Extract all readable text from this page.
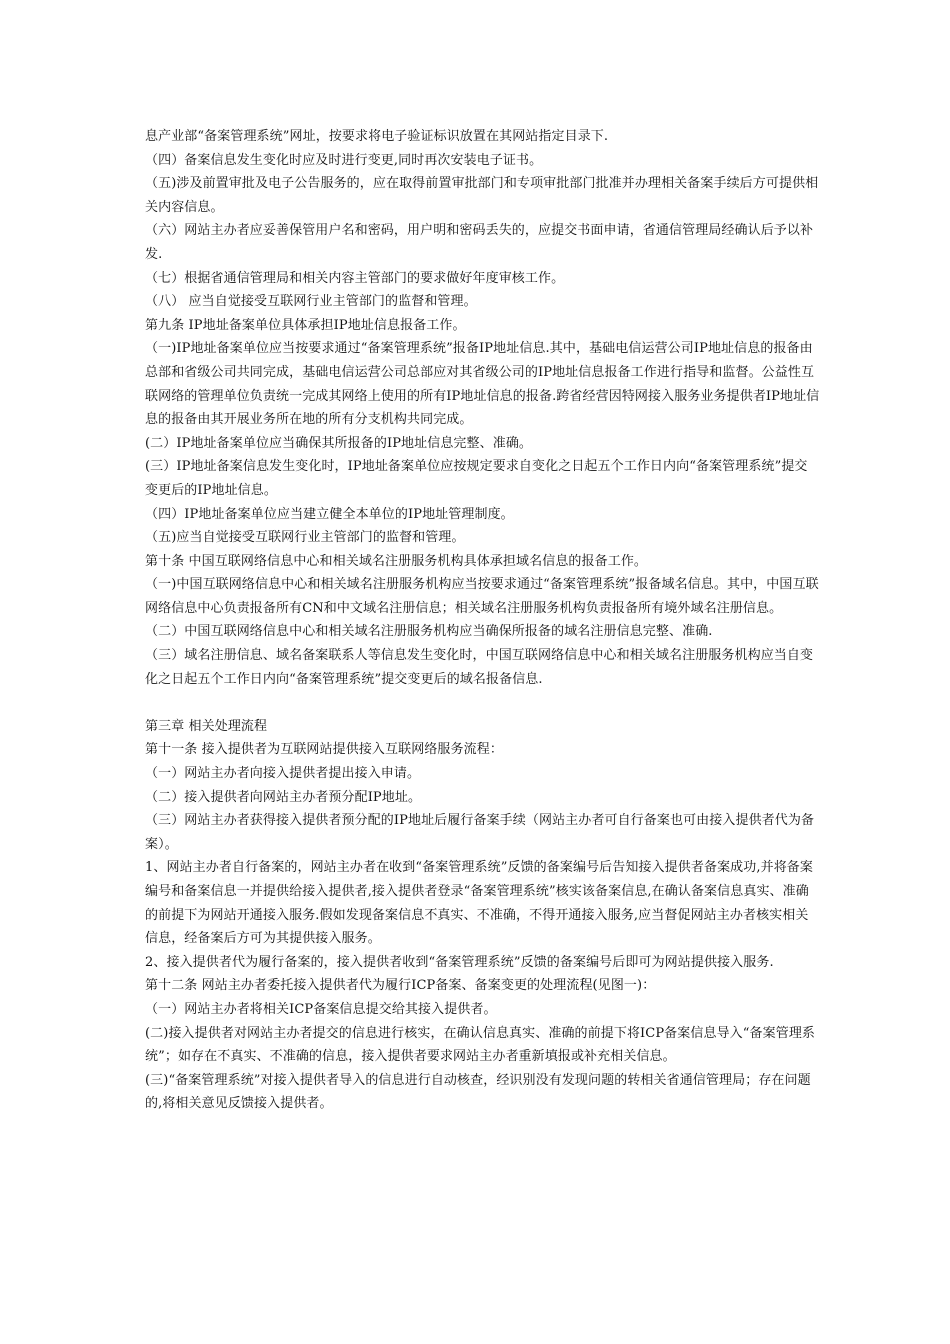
息产业部“备案管理系统”网址，按要求将电子验证标识放置在其网站指定目录下.

（四）备案信息发生变化时应及时进行变更,同时再次安装电子证书。

（五)涉及前置审批及电子公告服务的，应在取得前置审批部门和专项审批部门批准并办理相关备案手续后方可提供相关内容信息。

（六）网站主办者应妥善保管用户名和密码，用户明和密码丢失的，应提交书面申请，省通信管理局经确认后予以补发.

（七）根据省通信管理局和相关内容主管部门的要求做好年度审核工作。

（八） 应当自觉接受互联网行业主管部门的监督和管理。

第九条 IP地址备案单位具体承担IP地址信息报备工作。

（一)IP地址备案单位应当按要求通过“备案管理系统”报备IP地址信息.其中，基础电信运营公司IP地址信息的报备由总部和省级公司共同完成，基础电信运营公司总部应对其省级公司的IP地址信息报备工作进行指导和监督。公益性互联网络的管理单位负责统一完成其网络上使用的所有IP地址信息的报备.跨省经营因特网接入服务业务提供者IP地址信息的报备由其开展业务所在地的所有分支机构共同完成。

(二）IP地址备案单位应当确保其所报备的IP地址信息完整、准确。

(三）IP地址备案信息发生变化时，IP地址备案单位应按规定要求自变化之日起五个工作日内向“备案管理系统”提交变更后的IP地址信息。

（四）IP地址备案单位应当建立健全本单位的IP地址管理制度。

（五)应当自觉接受互联网行业主管部门的监督和管理。

第十条 中国互联网络信息中心和相关域名注册服务机构具体承担域名信息的报备工作。

（一)中国互联网络信息中心和相关域名注册服务机构应当按要求通过“备案管理系统”报备域名信息。其中，中国互联网络信息中心负责报备所有CN和中文域名注册信息；相关域名注册服务机构负责报备所有境外域名注册信息。

（二）中国互联网络信息中心和相关域名注册服务机构应当确保所报备的域名注册信息完整、准确.

（三）域名注册信息、域名备案联系人等信息发生变化时，中国互联网络信息中心和相关域名注册服务机构应当自变化之日起五个工作日内向“备案管理系统”提交变更后的域名报备信息.

第三章 相关处理流程

第十一条 接入提供者为互联网站提供接入互联网络服务流程：

（一）网站主办者向接入提供者提出接入申请。

（二）接入提供者向网站主办者预分配IP地址。

（三）网站主办者获得接入提供者预分配的IP地址后履行备案手续（网站主办者可自行备案也可由接入提供者代为备案）。

1、网站主办者自行备案的，网站主办者在收到“备案管理系统”反馈的备案编号后告知接入提供者备案成功,并将备案编号和备案信息一并提供给接入提供者,接入提供者登录“备案管理系统”核实该备案信息,在确认备案信息真实、准确的前提下为网站开通接入服务.假如发现备案信息不真实、不准确，不得开通接入服务,应当督促网站主办者核实相关信息，经备案后方可为其提供接入服务。

2、接入提供者代为履行备案的，接入提供者收到“备案管理系统”反馈的备案编号后即可为网站提供接入服务.

第十二条 网站主办者委托接入提供者代为履行ICP备案、备案变更的处理流程(见图一)：

（一）网站主办者将相关ICP备案信息提交给其接入提供者。

(二)接入提供者对网站主办者提交的信息进行核实，在确认信息真实、准确的前提下将ICP备案信息导入“备案管理系统”；如存在不真实、不准确的信息，接入提供者要求网站主办者重新填报或补充相关信息。

(三)“备案管理系统”对接入提供者导入的信息进行自动核查，经识别没有发现问题的转相关省通信管理局；存在问题的,将相关意见反馈接入提供者。
